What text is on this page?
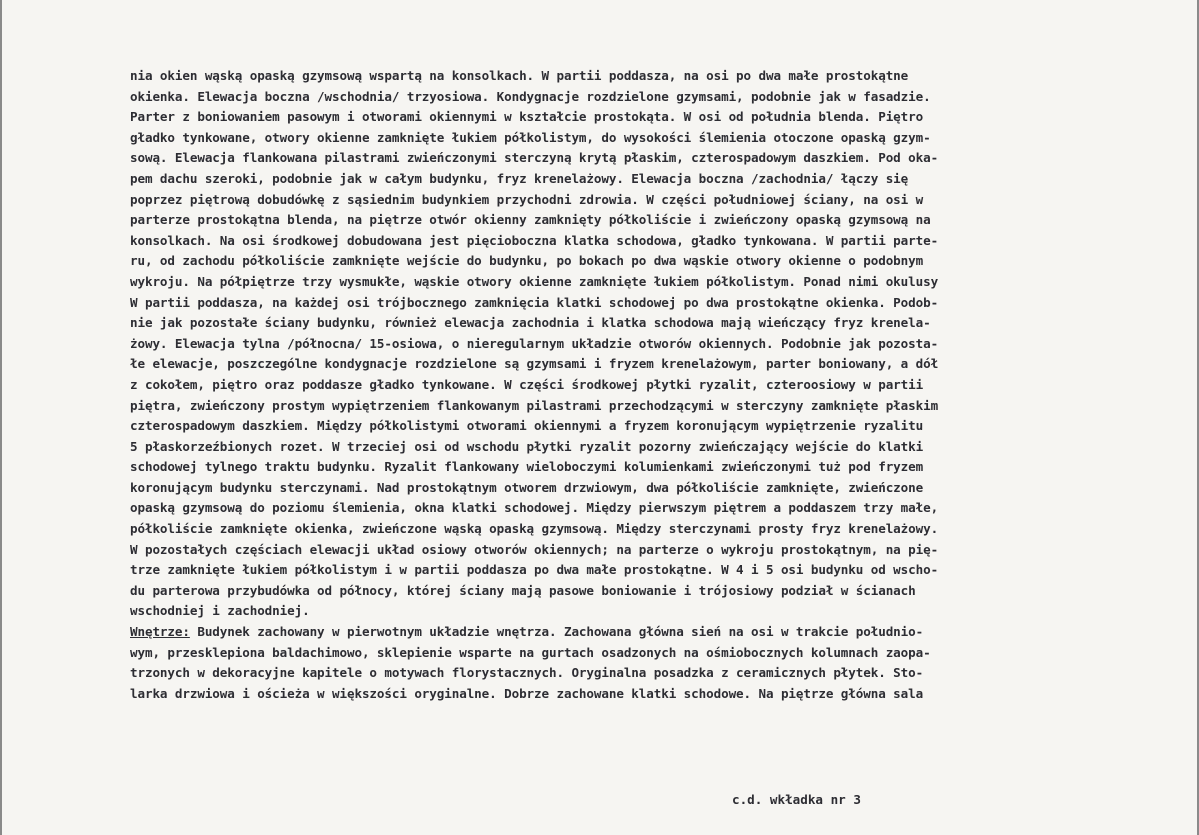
nia okien wąską opaską gzymsową wspartą na konsolkach. W partii poddasza, na osi po dwa małe prostokątne
okienka. Elewacja boczna /wschodnia/ trzyosiowa. Kondygnacje rozdzielone gzymsami, podobnie jak w fasadzie.
Parter z boniowaniem pasowym i otworami okiennymi w kształcie prostokąta. W osi od południa blenda. Piętro
gładko tynkowane, otwory okienne zamknięte łukiem półkolistym, do wysokości ślemienia otoczone opaską gzym-
sową. Elewacja flankowana pilastrami zwieńczonymi sterczyną krytą płaskim, czterospadowym daszkiem. Pod oka-
pem dachu szeroki, podobnie jak w całym budynku, fryz krenelażowy. Elewacja boczna /zachodnia/ łączy się
poprzez piętrową dobudówkę z sąsiednim budynkiem przychodni zdrowia. W części południowej ściany, na osi w
parterze prostokątna blenda, na piętrze otwór okienny zamknięty półkoliście i zwieńczony opaską gzymsową na
konsolkach. Na osi środkowej dobudowana jest pięcioboczna klatka schodowa, gładko tynkowana. W partii parte-
ru, od zachodu półkoliście zamknięte wejście do budynku, po bokach po dwa wąskie otwory okienne o podobnym
wykroju. Na półpiętrze trzy wysmukłe, wąskie otwory okienne zamknięte łukiem półkolistym. Ponad nimi okulusy
W partii poddasza, na każdej osi trójbocznego zamknięcia klatki schodowej po dwa prostokątne okienka. Podob-
nie jak pozostałe ściany budynku, również elewacja zachodnia i klatka schodowa mają wieńczący fryz krenela-
żowy. Elewacja tylna /północna/ 15-osiowa, o nieregularnym układzie otworów okiennych. Podobnie jak pozosta-
łe elewacje, poszczególne kondygnacje rozdzielone są gzymsami i fryzem krenelażowym, parter boniowany, a dół
z cokołem, piętro oraz poddasze gładko tynkowane. W części środkowej płytki ryzalit, czteroosiowy w partii
piętra, zwieńczony prostym wypiętrzeniem flankowanym pilastrami przechodzącymi w sterczyny zamknięte płaskim
czterospadowym daszkiem. Między półkolistymi otworami okiennymi a fryzem koronującym wypiętrzenie ryzalitu
5 płaskorzeźbionych rozet. W trzeciej osi od wschodu płytki ryzalit pozorny zwieńczający wejście do klatki
schodowej tylnego traktu budynku. Ryzalit flankowany wieloboczymi kolumienkami zwieńczonymi tuż pod fryzem
koronującym budynku sterczynami. Nad prostokątnym otworem drzwiowym, dwa półkoliście zamknięte, zwieńczone
opaską gzymsową do poziomu ślemienia, okna klatki schodowej. Między pierwszym piętrem a poddaszem trzy małe,
półkoliście zamknięte okienka, zwieńczone wąską opaską gzymsową. Między sterczynami prosty fryz krenelażowy.
W pozostałych częściach elewacji układ osiowy otworów okiennych; na parterze o wykroju prostokątnym, na pię-
trze zamknięte łukiem półkolistym i w partii poddasza po dwa małe prostokątne. W 4 i 5 osi budynku od wscho-
du parterowa przybudówka od północy, której ściany mają pasowe boniowanie i trójosiowy podział w ścianach
wschodniej i zachodniej.
Wnętrze: Budynek zachowany w pierwotnym układzie wnętrza. Zachowana główna sień na osi w trakcie południo-
wym, przesklepiona baldachimowo, sklepienie wsparte na gurtach osadzonych na ośmiobocznych kolumnach zaopa-
trzonych w dekoracyjne kapitele o motywach florystacznych. Oryginalna posadzka z ceramicznych płytek. Sto-
larka drzwiowa i ościeża w większości oryginalne. Dobrze zachowane klatki schodowe. Na piętrze główna sala
c.d. wkładka nr 3
